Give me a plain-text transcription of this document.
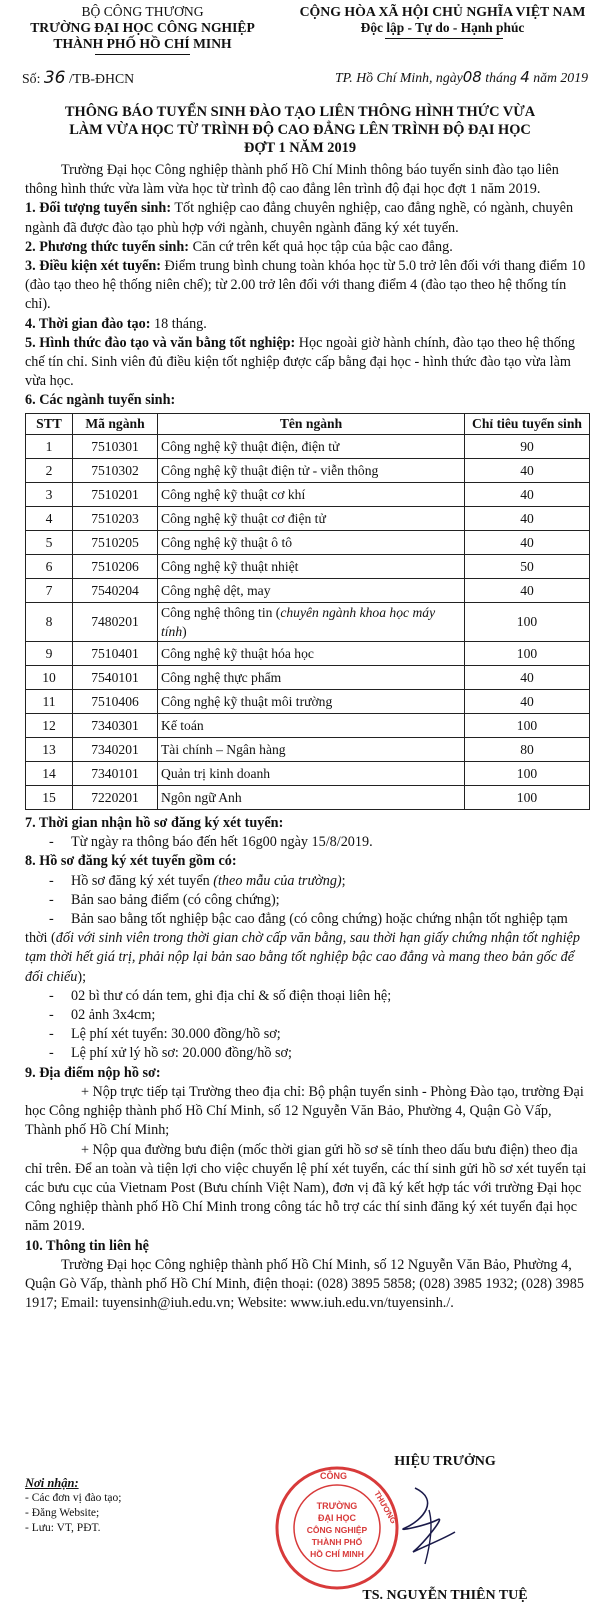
BỘ CÔNG THƯƠNG
TRƯỜNG ĐẠI HỌC CÔNG NGHIỆP
THÀNH PHỐ HỒ CHÍ MINH
CỘNG HÒA XÃ HỘI CHỦ NGHĨA VIỆT NAM
Độc lập - Tự do - Hạnh phúc
Số: 36 /TB-ĐHCN	TP. Hồ Chí Minh, ngày08 tháng 4 năm 2019
THÔNG BÁO TUYỂN SINH ĐÀO TẠO LIÊN THÔNG HÌNH THỨC VỪA
LÀM VỪA HỌC TỪ TRÌNH ĐỘ CAO ĐẲNG LÊN TRÌNH ĐỘ ĐẠI HỌC
ĐỢT 1 NĂM 2019

Trường Đại học Công nghiệp thành phố Hồ Chí Minh thông báo tuyển sinh đào tạo liên thông hình thức vừa làm vừa học từ trình độ cao đẳng lên trình độ đại học đợt 1 năm 2019.

1. Đối tượng tuyển sinh: Tốt nghiệp cao đẳng chuyên nghiệp, cao đẳng nghề, có ngành, chuyên ngành đã được đào tạo phù hợp với ngành, chuyên ngành đăng ký xét tuyển.

2. Phương thức tuyển sinh: Căn cứ trên kết quả học tập của bậc cao đẳng.

3. Điều kiện xét tuyển: Điểm trung bình chung toàn khóa học từ 5.0 trở lên đối với thang điểm 10 (đào tạo theo hệ thống niên chế); từ 2.00 trở lên đối với thang điểm 4 (đào tạo theo hệ thống tín chỉ).

4. Thời gian đào tạo: 18 tháng.

5. Hình thức đào tạo và văn bằng tốt nghiệp: Học ngoài giờ hành chính, đào tạo theo hệ thống chế tín chỉ. Sinh viên đủ điều kiện tốt nghiệp được cấp bằng đại học - hình thức đào tạo vừa làm vừa học.

6. Các ngành tuyển sinh:

STT	Mã ngành	Tên ngành	Chỉ tiêu tuyển sinh
1	7510301	Công nghệ kỹ thuật điện, điện tử	90
2	7510302	Công nghệ kỹ thuật điện tử - viễn thông	40
3	7510201	Công nghệ kỹ thuật cơ khí	40
4	7510203	Công nghệ kỹ thuật cơ điện tử	40
5	7510205	Công nghệ kỹ thuật ô tô	40
6	7510206	Công nghệ kỹ thuật nhiệt	50
7	7540204	Công nghệ dệt, may	40
8	7480201	Công nghệ thông tin (chuyên ngành khoa học máy tính)	100
9	7510401	Công nghệ kỹ thuật hóa học	100
10	7540101	Công nghệ thực phẩm	40
11	7510406	Công nghệ kỹ thuật môi trường	40
12	7340301	Kế toán	100
13	7340201	Tài chính – Ngân hàng	80
14	7340101	Quản trị kinh doanh	100
15	7220201	Ngôn ngữ Anh	100

7. Thời gian nhận hồ sơ đăng ký xét tuyển:

- Từ ngày ra thông báo đến hết 16g00 ngày 15/8/2019.

8. Hồ sơ đăng ký xét tuyển gồm có:

- Hồ sơ đăng ký xét tuyển (theo mẫu của trường);

- Bản sao bảng điểm (có công chứng);

- Bản sao bằng tốt nghiệp bậc cao đẳng (có công chứng) hoặc chứng nhận tốt nghiệp tạm thời (đối với sinh viên trong thời gian chờ cấp văn bằng, sau thời hạn giấy chứng nhận tốt nghiệp tạm thời hết giá trị, phải nộp lại bản sao bằng tốt nghiệp bậc cao đẳng và mang theo bản gốc để đối chiếu);

- 02 bì thư có dán tem, ghi địa chỉ & số điện thoại liên hệ;

- 02 ảnh 3x4cm;

- Lệ phí xét tuyển: 30.000 đồng/hồ sơ;

- Lệ phí xử lý hồ sơ: 20.000 đồng/hồ sơ;

9. Địa điểm nộp hồ sơ:

+ Nộp trực tiếp tại Trường theo địa chỉ: Bộ phận tuyển sinh - Phòng Đào tạo, trường Đại học Công nghiệp thành phố Hồ Chí Minh, số 12 Nguyễn Văn Bảo, Phường 4, Quận Gò Vấp, Thành phố Hồ Chí Minh;

+ Nộp qua đường bưu điện (mốc thời gian gửi hồ sơ sẽ tính theo dấu bưu điện) theo địa chỉ trên. Để an toàn và tiện lợi cho việc chuyển lệ phí xét tuyển, các thí sinh gửi hồ sơ xét tuyển tại các bưu cục của Vietnam Post (Bưu chính Việt Nam), đơn vị đã ký kết hợp tác với trường Đại học Công nghiệp thành phố Hồ Chí Minh trong công tác hỗ trợ các thí sinh đăng ký xét tuyển đại học năm 2019.

10. Thông tin liên hệ

Trường Đại học Công nghiệp thành phố Hồ Chí Minh, số 12 Nguyễn Văn Bảo, Phường 4, Quận Gò Vấp, thành phố Hồ Chí Minh, điện thoại: (028) 3895 5858; (028) 3985 1932; (028) 3985 1917; Email: tuyensinh@iuh.edu.vn; Website: www.iuh.edu.vn/tuyensinh./.

Nơi nhận:
- Các đơn vị đào tạo;
- Đăng Website;
- Lưu: VT, PĐT.
CÔNG
THƯƠNG
TRƯỜNG
ĐẠI HỌC
CÔNG NGHIỆP
THÀNH PHỐ
HỒ CHÍ MINH
HIỆU TRƯỞNG
TS. NGUYỄN THIÊN TUỆ
